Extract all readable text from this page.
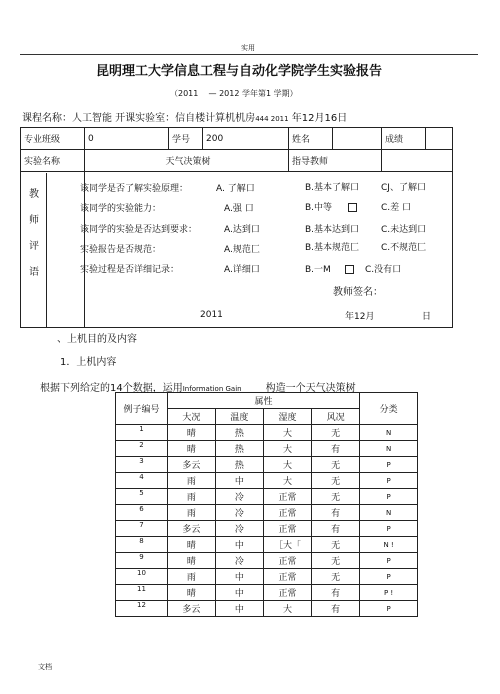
实用
昆明理工大学信息工程与自动化学院学生实验报告
（2011 — 2012 学年第1 学期）
课程名称：人工智能 开课实验室：信自楼计算机机房444 2011 年12月16日
专业班级	0	学号	200	姓名		成绩	
实验名称	天气决策树			指导教师			

教
师
评
语
该同学是否了解实验原理：	A. 了解口	B.基本了解口 CJ、了解口
该同学的实验能力：	A.强 口	B.中等	C.差 口
该同学的实验是否达到要求：	A.达到口	B.基本达到口 C.未达到口
实验报告是否规范：	A.规范匚	B.基本规范匚 C.不规范匚
实验过程是否详细记录：	A.详细口	B.一M	C.没有口
教师签名：
2011	年12月	日
、上机目的及内容
1．上机内容
根据下列给定的14个数据，运用Information Gain 构造一个天气决策树
例子编号	属性				分类
	大况	温度	湿度	风况	
1	晴	热	大	无	N
2	晴	热	大	有	N
3	多云	热	大	无	P
4	雨	中	大	无	P
5	雨	冷	正常	无	P
6	雨	冷	正常	有	N
7	多云	冷	正常	有	P
8	晴	中	［大「	无	N !
9	晴	冷	正常	无	P
10	雨	中	正常	无	P
11	晴	中	正常	有	P !
12	多云	中	大	有	P
文档
